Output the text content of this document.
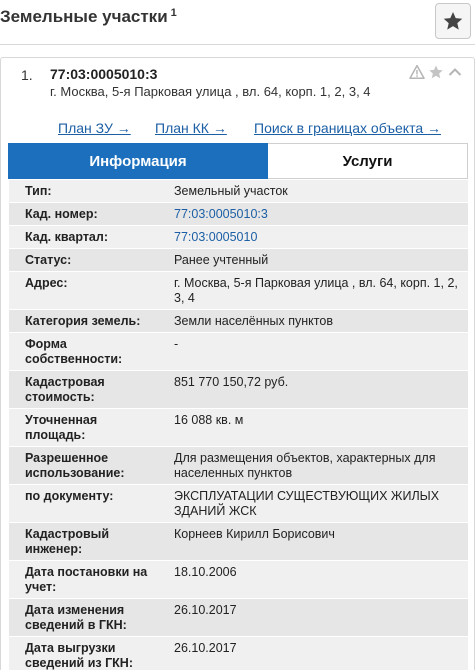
Земельные участки $^1$
1. 77:03:0005010:3
г. Москва, 5-я Парковая улица , вл. 64, корп. 1, 2, 3, 4
План ЗУ → План КК → Поиск в границах объекта →
Информация	Услуги
Тип:	Земельный участок
Кад. номер:	77:03:0005010:3
Кад. квартал:	77:03:0005010
Статус:	Ранее учтенный
Адрес:	г. Москва, 5-я Парковая улица , вл. 64, корп. 1, 2, 3, 4
Категория земель:	Земли населённых пунктов
Форма собственности:
-
Кадастровая стоимость:
851 770 150,72 руб.
Уточненная площадь:
16 088 кв. м
Разрешенное использование:
Для размещения объектов, характерных для населенных пунктов
по документу:	ЭКСПЛУАТАЦИИ СУЩЕСТВУЮЩИХ ЖИЛЫХ ЗДАНИЙ ЖСК
Кадастровый инженер:
Корнеев Кирилл Борисович
Дата постановки на учет:
18.10.2006
Дата изменения сведений в ГКН:
26.10.2017
Дата выгрузки сведений из ГКН:
26.10.2017
